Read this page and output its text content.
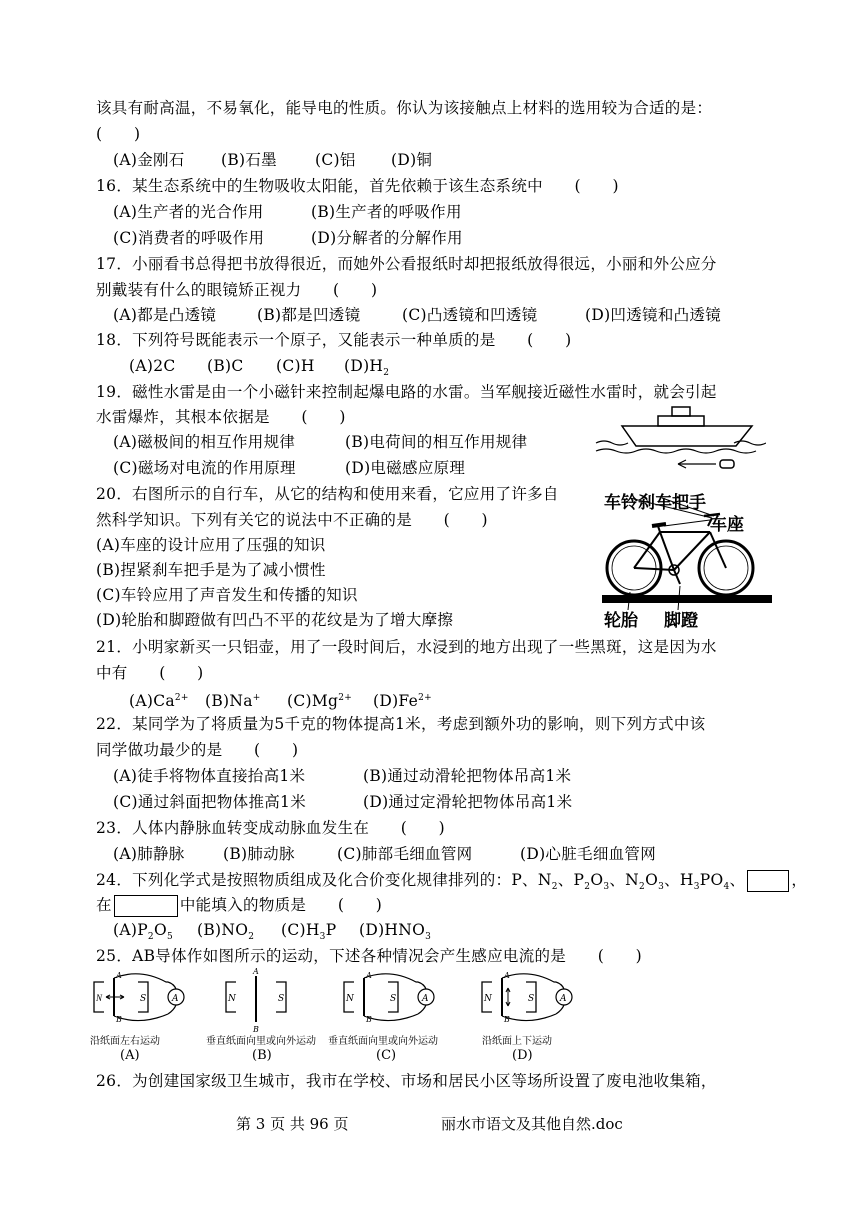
该具有耐高温，不易氧化，能导电的性质。你认为该接触点上材料的选用较为合适的是：
(　　)
(A)金刚石 (B)石墨 (C)铝 (D)铜
16．某生态系统中的生物吸收太阳能，首先依赖于该生态系统中　　(　　)
(A)生产者的光合作用	(B)生产者的呼吸作用
(C)消费者的呼吸作用	(D)分解者的分解作用
17．小丽看书总得把书放得很近，而她外公看报纸时却把报纸放得很远，小丽和外公应分
别戴装有什么的眼镜矫正视力　　(　　)
(A)都是凸透镜	(B)都是凹透镜	(C)凸透镜和凹透镜	(D)凹透镜和凸透镜
18．下列符号既能表示一个原子，又能表示一种单质的是　　(　　)
(A)2C (B)C (C)H $(D)H_2$
19．磁性水雷是由一个小磁针来控制起爆电路的水雷。当军舰接近磁性水雷时，就会引起
水雷爆炸，其根本依据是　　(　　)
(A)磁极间的相互作用规律	(B)电荷间的相互作用规律
(C)磁场对电流的作用原理	(D)电磁感应原理
20．右图所示的自行车，从它的结构和使用来看，它应用了许多自
然科学知识。下列有关它的说法中不正确的是　　(　　)
(A)车座的设计应用了压强的知识
(B)捏紧刹车把手是为了减小惯性
(C)车铃应用了声音发生和传播的知识
(D)轮胎和脚蹬做有凹凸不平的花纹是为了增大摩擦
车铃刹车把手
车座
轮胎 脚蹬
21．小明家新买一只铝壶，用了一段时间后，水浸到的地方出现了一些黑斑，这是因为水
中有　　(　　)
$(A)Ca^{2+}$ (B)Na+ $(C)Mg^{2+}$ $(D)Fe^{2+}$
22．某同学为了将质量为5千克的物体提高1米，考虑到额外功的影响，则下列方式中该
同学做功最少的是　　(　　)
(A)徒手将物体直接抬高1米	(B)通过动滑轮把物体吊高1米
(C)通过斜面把物体推高1米	(D)通过定滑轮把物体吊高1米
23．人体内静脉血转变成动脉血发生在　　(　　)
(A)肺静脉 (B)肺动脉	(C)肺部毛细血管网	(D)心脏毛细血管网
24．下列化学式是按照物质组成及化合价变化规律排列的：P、$N_2$、$P_2O_3$、$N_2O_3$、$H_3PO_4$、	，
在	中能填入的物质是　　(　　)
$(A)P_2O_5$ $(B)NO_2$ $(C)H_3P$ $(D)HNO_3$
25．AB导体作如图所示的运动，下述各种情况会产生感应电流的是　　(　　)
N
A
B
S	A
沿纸面左右运动
(A)
N
A
B
S
垂直纸面向里或向外运动
(B)
N
A
B
S	A
垂直纸面向里或向外运动
(C)
N
A
B
S	A
沿纸面上下运动
(D)
26．为创建国家级卫生城市，我市在学校、市场和居民小区等场所设置了废电池收集箱，
第 3 页 共 96 页	丽水市语文及其他自然.doc
